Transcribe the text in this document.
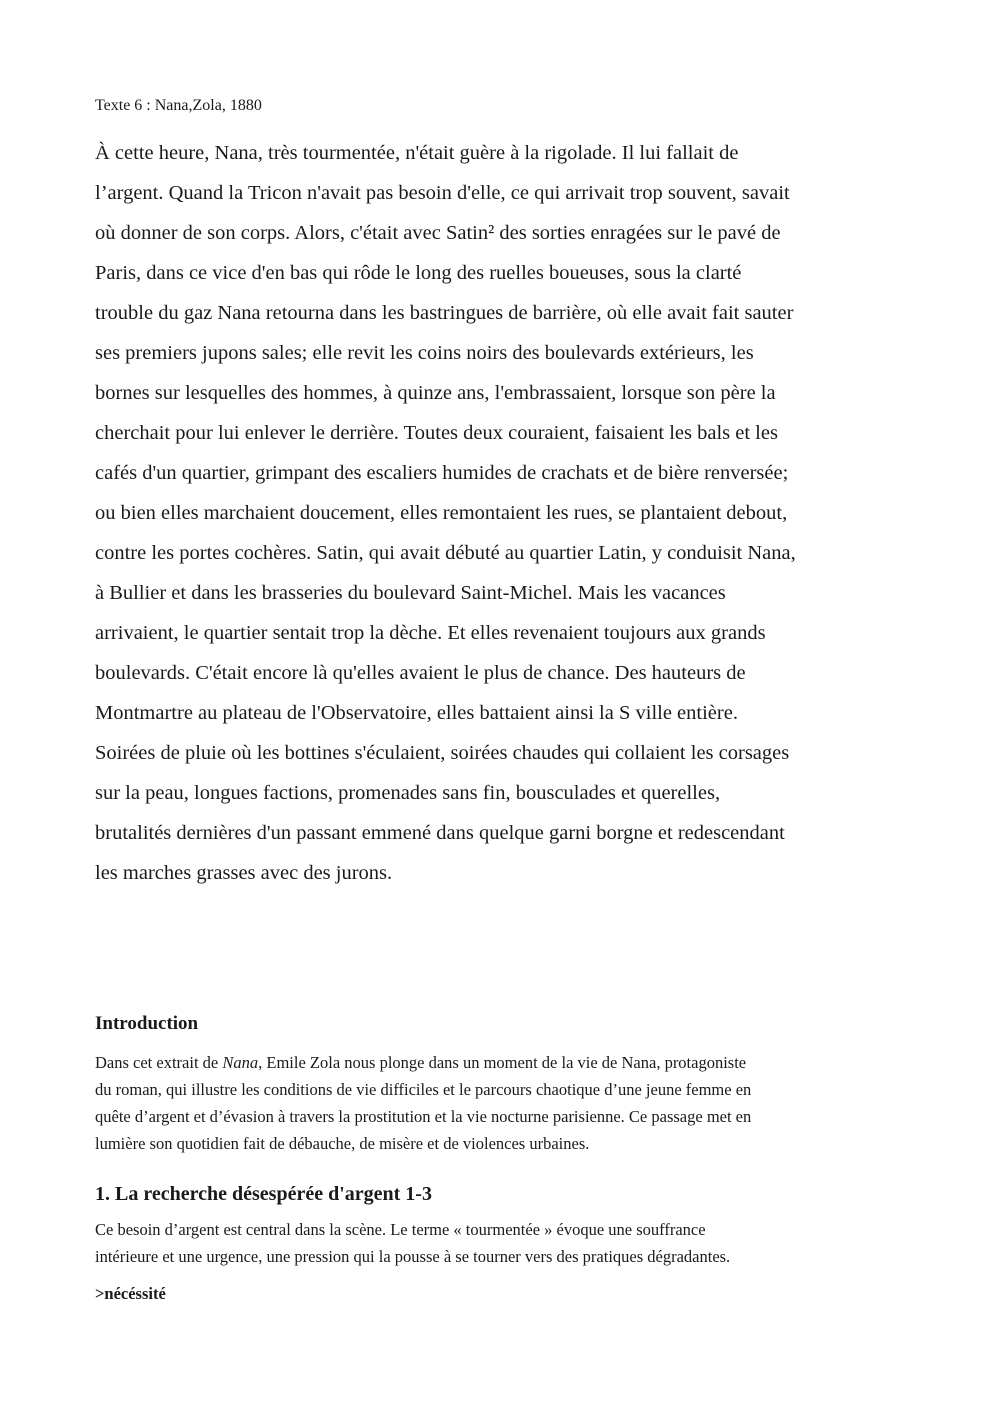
Texte 6 : Nana,Zola, 1880
À cette heure, Nana, très tourmentée, n'était guère à la rigolade. Il lui fallait de
l’argent. Quand la Tricon n'avait pas besoin d'elle, ce qui arrivait trop souvent, savait
où donner de son corps. Alors, c'était avec Satin² des sorties enragées sur le pavé de
Paris, dans ce vice d'en bas qui rôde le long des ruelles boueuses, sous la clarté
trouble du gaz Nana retourna dans les bastringues de barrière, où elle avait fait sauter
ses premiers jupons sales; elle revit les coins noirs des boulevards extérieurs, les
bornes sur lesquelles des hommes, à quinze ans, l'embrassaient, lorsque son père la
cherchait pour lui enlever le derrière. Toutes deux couraient, faisaient les bals et les
cafés d'un quartier, grimpant des escaliers humides de crachats et de bière renversée;
ou bien elles marchaient doucement, elles remontaient les rues, se plantaient debout,
contre les portes cochères. Satin, qui avait débuté au quartier Latin, y conduisit Nana,
à Bullier et dans les brasseries du boulevard Saint-Michel. Mais les vacances
arrivaient, le quartier sentait trop la dèche. Et elles revenaient toujours aux grands
boulevards. C'était encore là qu'elles avaient le plus de chance. Des hauteurs de
Montmartre au plateau de l'Observatoire, elles battaient ainsi la S ville entière.
Soirées de pluie où les bottines s'éculaient, soirées chaudes qui collaient les corsages
sur la peau, longues factions, promenades sans fin, bousculades et querelles,
brutalités dernières d'un passant emmené dans quelque garni borgne et redescendant
les marches grasses avec des jurons.
Introduction
Dans cet extrait de Nana, Emile Zola nous plonge dans un moment de la vie de Nana, protagoniste
du roman, qui illustre les conditions de vie difficiles et le parcours chaotique d’une jeune femme en
quête d’argent et d’évasion à travers la prostitution et la vie nocturne parisienne. Ce passage met en
lumière son quotidien fait de débauche, de misère et de violences urbaines.
1. La recherche désespérée d'argent 1-3
Ce besoin d’argent est central dans la scène. Le terme « tourmentée » évoque une souffrance
intérieure et une urgence, une pression qui la pousse à se tourner vers des pratiques dégradantes.
>nécéssité
